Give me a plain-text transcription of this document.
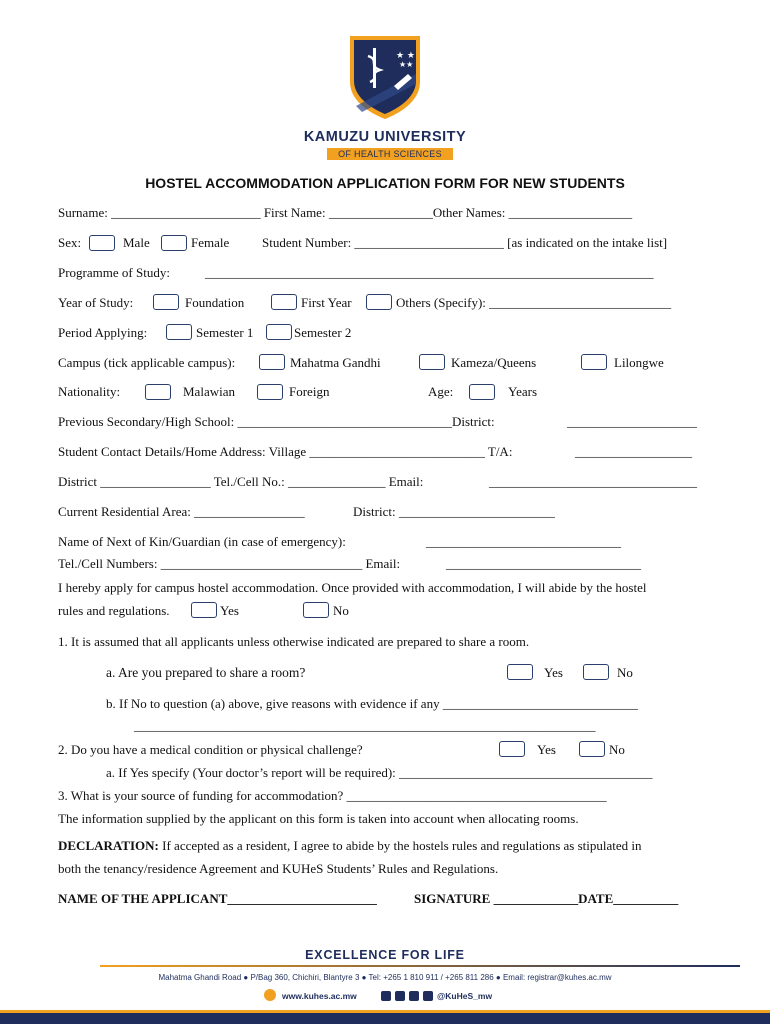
★ ★
★★
KAMUZU UNIVERSITY
OF HEALTH SCIENCES
HOSTEL ACCOMMODATION APPLICATION FORM FOR NEW STUDENTS
Surname: _______________________ First Name: ________________Other Names: ___________________
Sex:	Male	Female	Student Number: _______________________ [as indicated on the intake list]
Programme of Study:	_____________________________________________________________________
Year of Study:	Foundation	First Year	Others (Specify): ____________________________
Period Applying:	Semester 1	Semester 2
Campus (tick applicable campus):	Mahatma Gandhi	Kameza/Queens	Lilongwe
Nationality:	Malawian	Foreign	Age:	Years
Previous Secondary/High School: _________________________________District:	____________________
Student Contact Details/Home Address: Village ___________________________ T/A:	__________________
District _________________ Tel./Cell No.: _______________ Email:	________________________________
Current Residential Area: _________________	District: ________________________
Name of Next of Kin/Guardian (in case of emergency):	______________________________
Tel./Cell Numbers: _______________________________ Email:	______________________________
I hereby apply for campus hostel accommodation. Once provided with accommodation, I will abide by the hostel
rules and regulations.	Yes	No
1. It is assumed that all applicants unless otherwise indicated are prepared to share a room.
a. Are you prepared to share a room?	Yes	No
b. If No to question (a) above, give reasons with evidence if any ______________________________
_______________________________________________________________________
2. Do you have a medical condition or physical challenge?	Yes	No
a. If Yes specify (Your doctor’s report will be required): _______________________________________
3. What is your source of funding for accommodation? ________________________________________
The information supplied by the applicant on this form is taken into account when allocating rooms.
DECLARATION: If accepted as a resident, I agree to abide by the hostels rules and regulations as stipulated in
both the tenancy/residence Agreement and KUHeS Students’ Rules and Regulations.
NAME OF THE APPLICANT_______________________	SIGNATURE _____________DATE__________
EXCELLENCE FOR LIFE
Mahatma Ghandi Road ● P/Bag 360, Chichiri, Blantyre 3 ● Tel: +265 1 810 911 / +265 811 286 ● Email: registrar@kuhes.ac.mw
www.kuhes.ac.mw	@KuHeS_mw
